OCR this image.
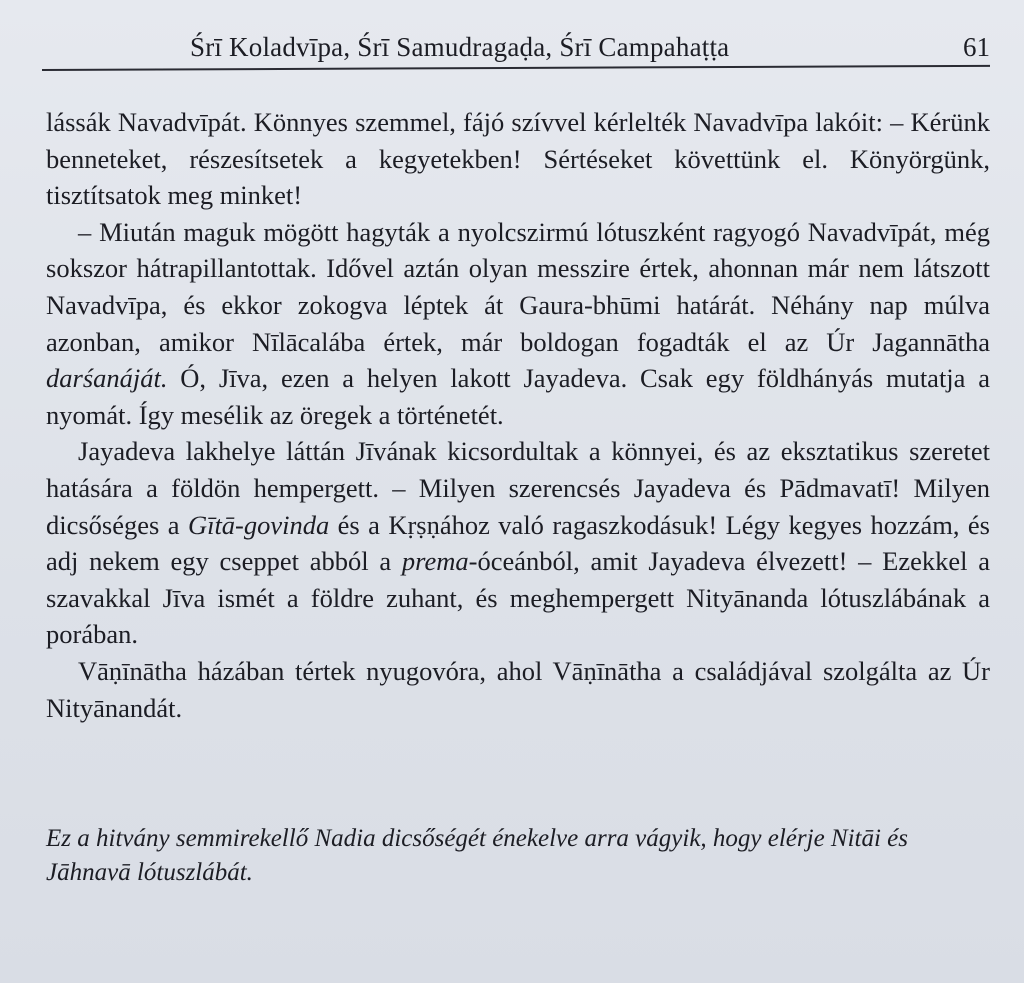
Śrī Koladvīpa, Śrī Samudragaḍa, Śrī Campahaṭṭa	61

lássák Navadvīpát. Könnyes szemmel, fájó szívvel kérlelték Navadvīpa lakóit: – Kérünk benneteket, részesítsetek a kegyetekben! Sértéseket követtünk el. Könyörgünk, tisztítsatok meg minket!

– Miután maguk mögött hagyták a nyolcszirmú lótuszként ragyogó Navadvīpát, még sokszor hátrapillantottak. Idővel aztán olyan messzire értek, ahonnan már nem látszott Navadvīpa, és ekkor zokogva léptek át Gaura-bhūmi határát. Néhány nap múlva azonban, amikor Nīlācalába értek, már boldogan fogadták el az Úr Jagannātha darśanáját. Ó, Jīva, ezen a helyen lakott Jayadeva. Csak egy földhányás mutatja a nyomát. Így mesélik az öregek a történetét.

Jayadeva lakhelye láttán Jīvának kicsordultak a könnyei, és az eksztatikus szeretet hatására a földön hempergett. – Milyen szerencsés Jayadeva és Pādmavatī! Milyen dicsőséges a Gītā-govinda és a Kṛṣṇához való ragaszkodásuk! Légy kegyes hozzám, és adj nekem egy cseppet abból a prema-óceánból, amit Jayadeva élvezett! – Ezekkel a szavakkal Jīva ismét a földre zuhant, és meghempergett Nityānanda lótuszlábának a porában.

Vāṇīnātha házában tértek nyugovóra, ahol Vāṇīnātha a családjával szolgálta az Úr Nityānandát.

Ez a hitvány semmirekellő Nadia dicsőségét énekelve arra vágyik, hogy elérje Nitāi és Jāhnavā lótuszlábát.
